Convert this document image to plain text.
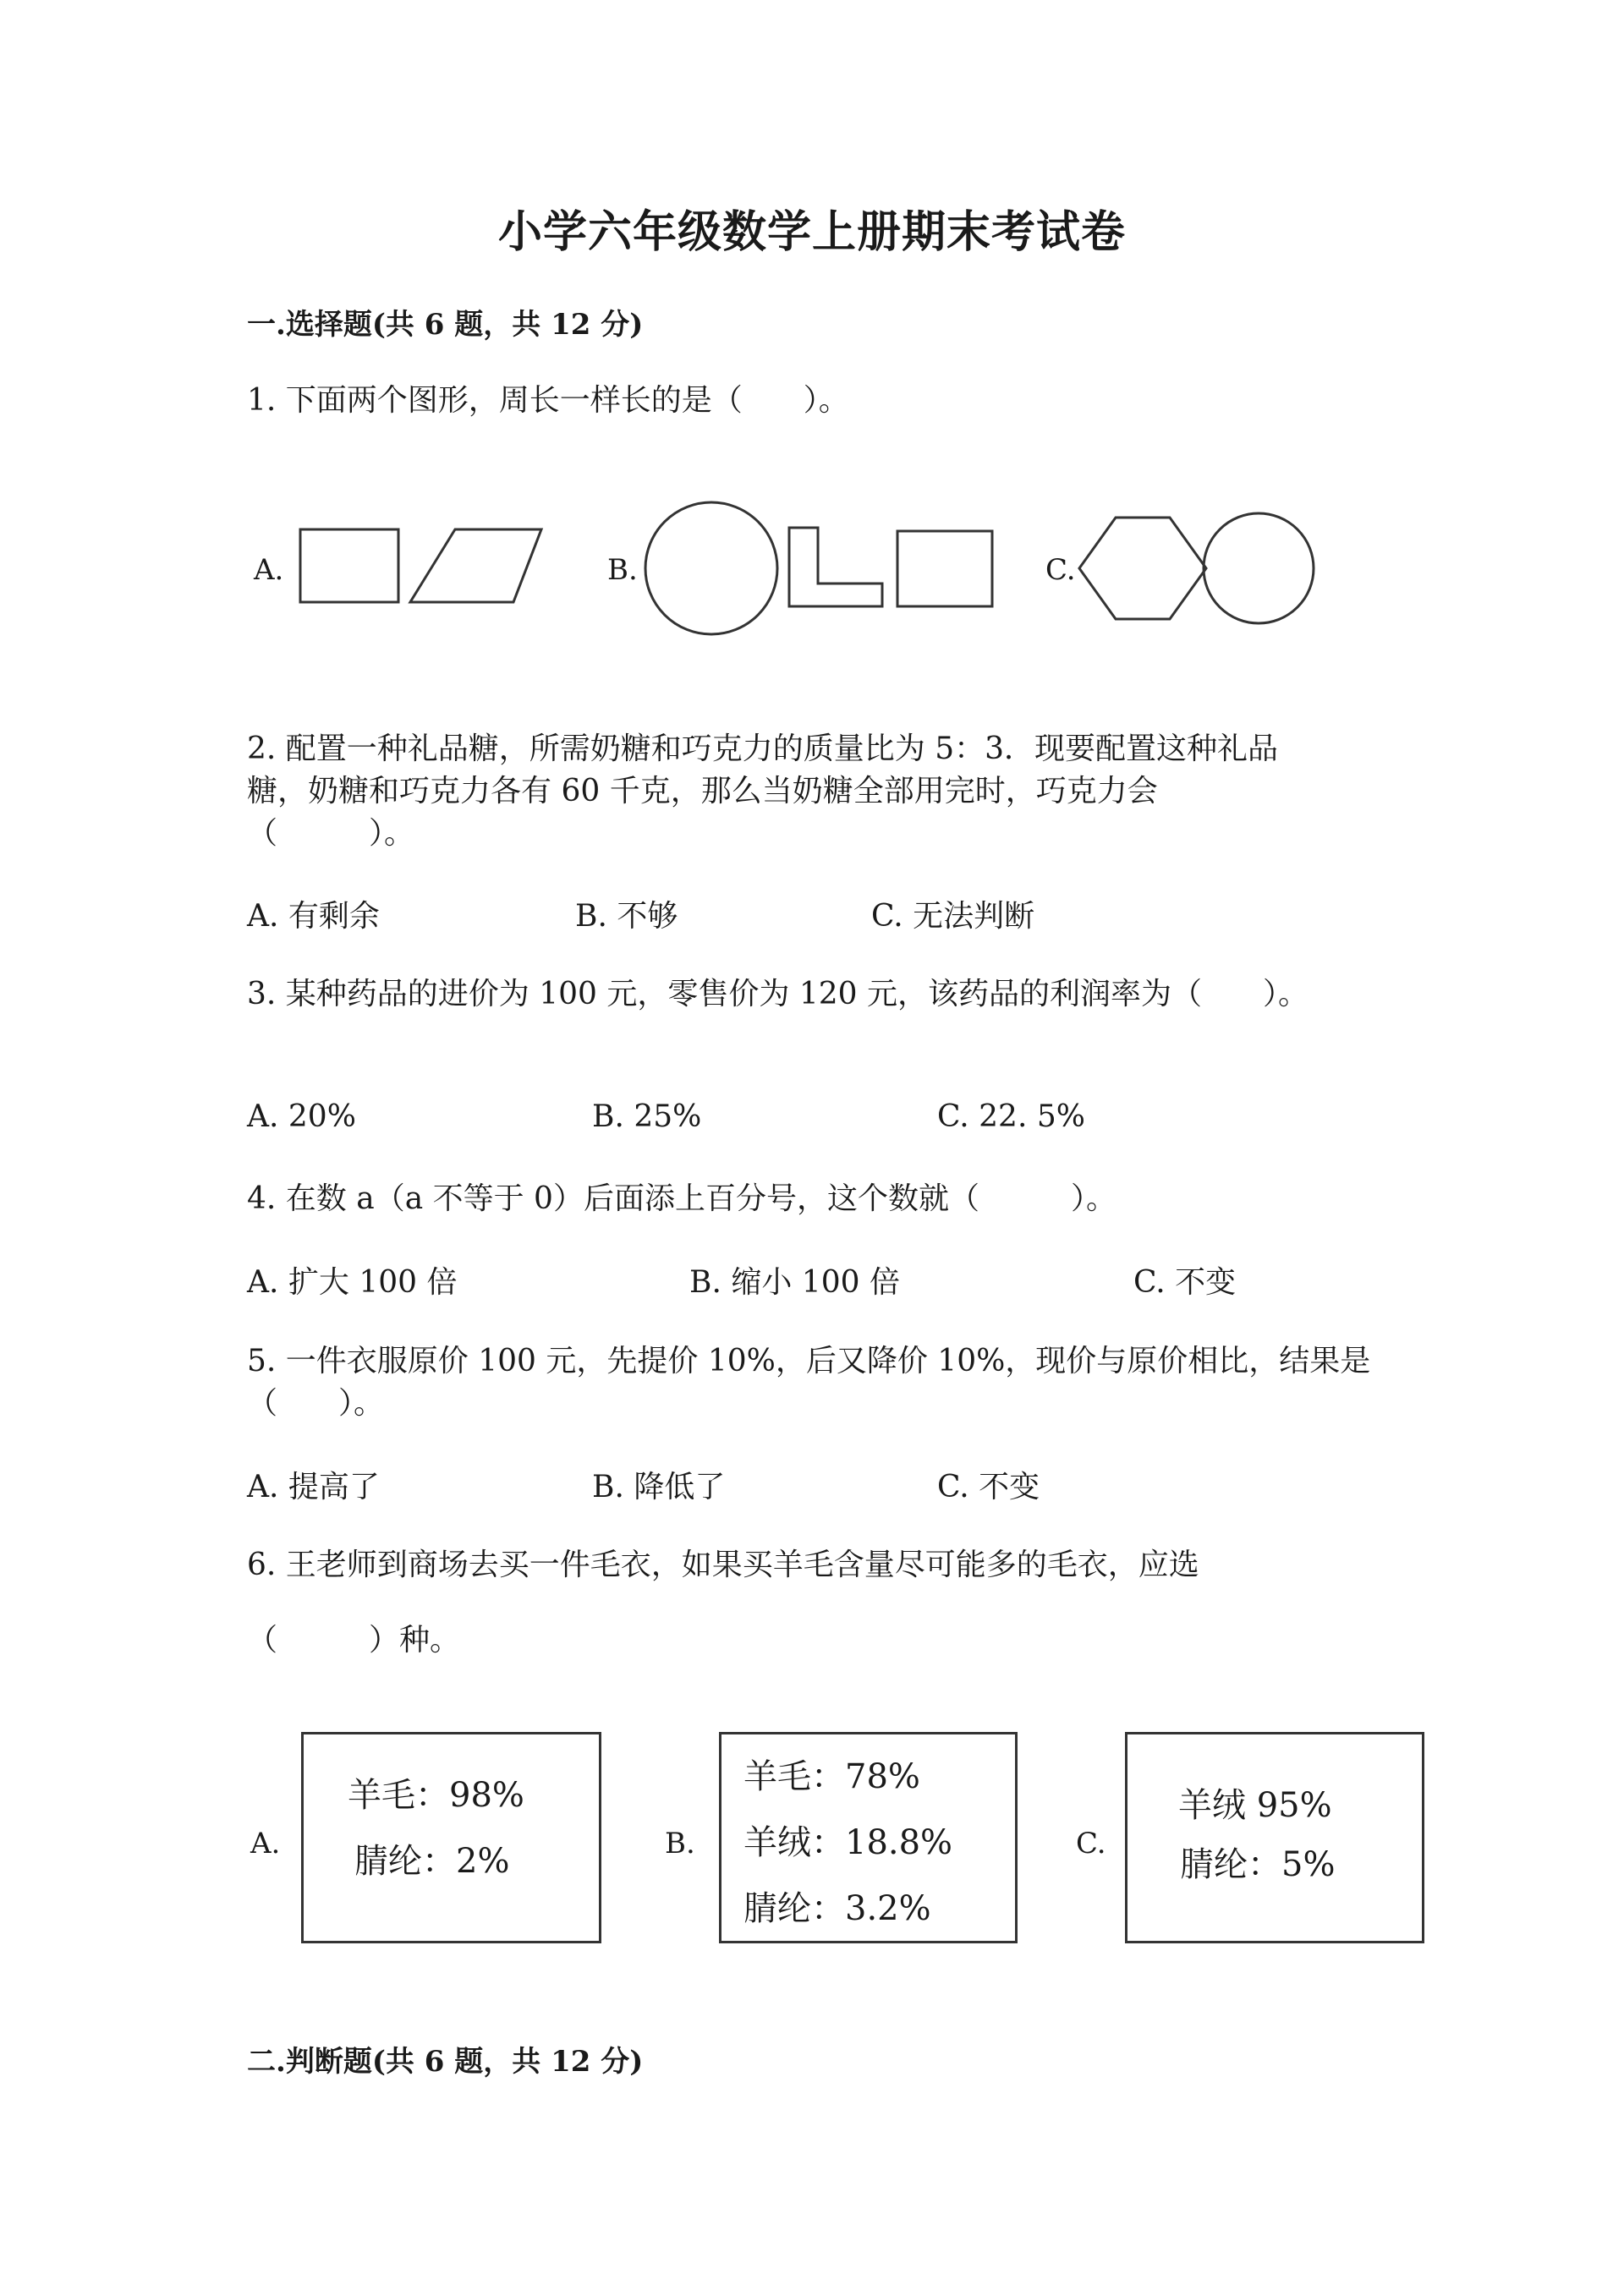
小学六年级数学上册期末考试卷
一.选择题(共 6 题，共 12 分)
1. 下面两个图形，周长一样长的是（　　）。
A.	B.	C.
2. 配置一种礼品糖，所需奶糖和巧克力的质量比为 5：3．现要配置这种礼品
糖，奶糖和巧克力各有 60 千克，那么当奶糖全部用完时，巧克力会
（　　　）。
A. 有剩余	B. 不够	C. 无法判断
3. 某种药品的进价为 100 元，零售价为 120 元，该药品的利润率为（　　）。
A. 20%	B. 25%	C. 22. 5%
4. 在数 a（a 不等于 0）后面添上百分号，这个数就（　　　）。
A. 扩大 100 倍	B. 缩小 100 倍	C. 不变
5. 一件衣服原价 100 元，先提价 10%，后又降价 10%，现价与原价相比，结果是
（　　）。
A. 提高了	B. 降低了	C. 不变
6. 王老师到商场去买一件毛衣，如果买羊毛含量尽可能多的毛衣，应选
（　　　）种。
A.
羊毛：98%
腈纶：2%	B.
羊毛：78%
羊绒：18.8%
腈纶：3.2%
C.
羊绒 95%
腈纶：5%
二.判断题(共 6 题，共 12 分)
